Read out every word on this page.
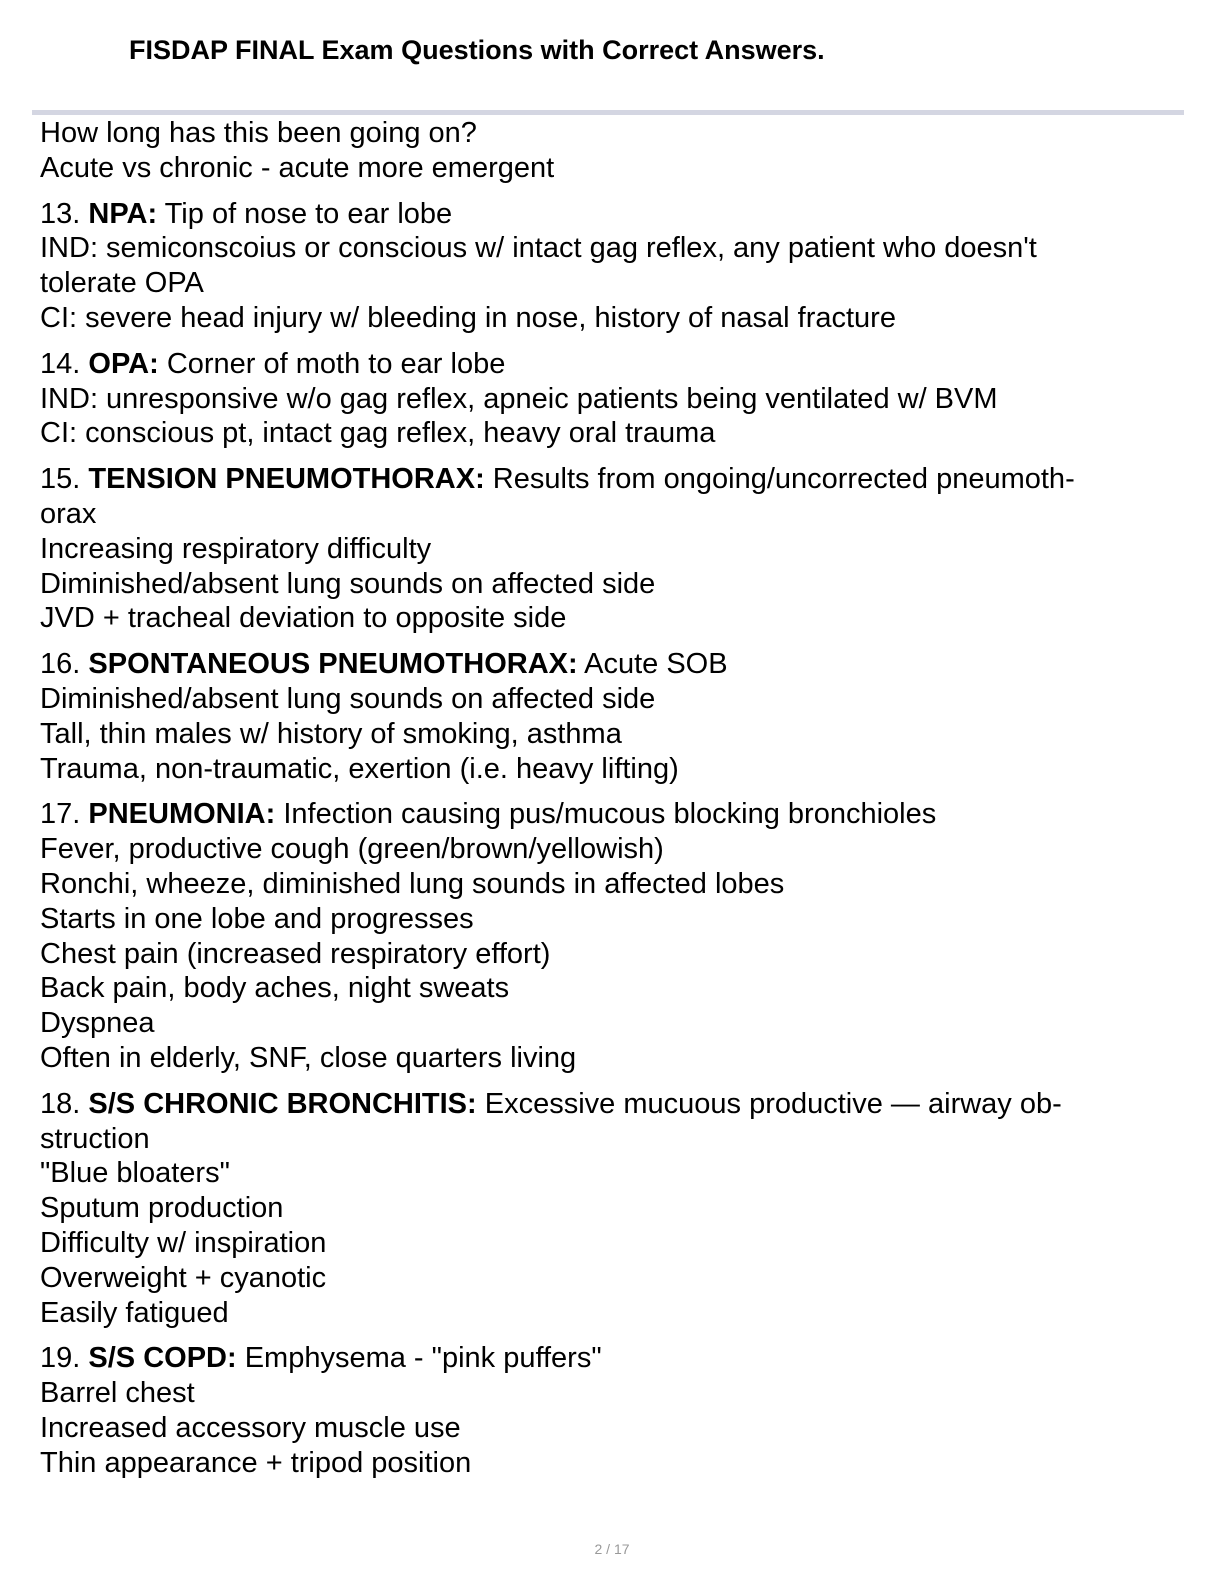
FISDAP FINAL Exam Questions with Correct Answers.
How long has this been going on?
Acute vs chronic - acute more emergent
13. NPA: Tip of nose to ear lobe
IND: semiconscoius or conscious w/ intact gag reflex, any patient who doesn't
tolerate OPA
CI: severe head injury w/ bleeding in nose, history of nasal fracture
14. OPA: Corner of moth to ear lobe
IND: unresponsive w/o gag reflex, apneic patients being ventilated w/ BVM
CI: conscious pt, intact gag reflex, heavy oral trauma
15. TENSION PNEUMOTHORAX: Results from ongoing/uncorrected pneumoth-
orax
Increasing respiratory difficulty
Diminished/absent lung sounds on affected side
JVD + tracheal deviation to opposite side
16. SPONTANEOUS PNEUMOTHORAX: Acute SOB
Diminished/absent lung sounds on affected side
Tall, thin males w/ history of smoking, asthma
Trauma, non-traumatic, exertion (i.e. heavy lifting)
17. PNEUMONIA: Infection causing pus/mucous blocking bronchioles
Fever, productive cough (green/brown/yellowish)
Ronchi, wheeze, diminished lung sounds in affected lobes
Starts in one lobe and progresses
Chest pain (increased respiratory effort)
Back pain, body aches, night sweats
Dyspnea
Often in elderly, SNF, close quarters living
18. S/S CHRONIC BRONCHITIS: Excessive mucuous productive — airway ob-
struction
"Blue bloaters"
Sputum production
Difficulty w/ inspiration
Overweight + cyanotic
Easily fatigued
19. S/S COPD: Emphysema - "pink puffers"
Barrel chest
Increased accessory muscle use
Thin appearance + tripod position
2 / 17
